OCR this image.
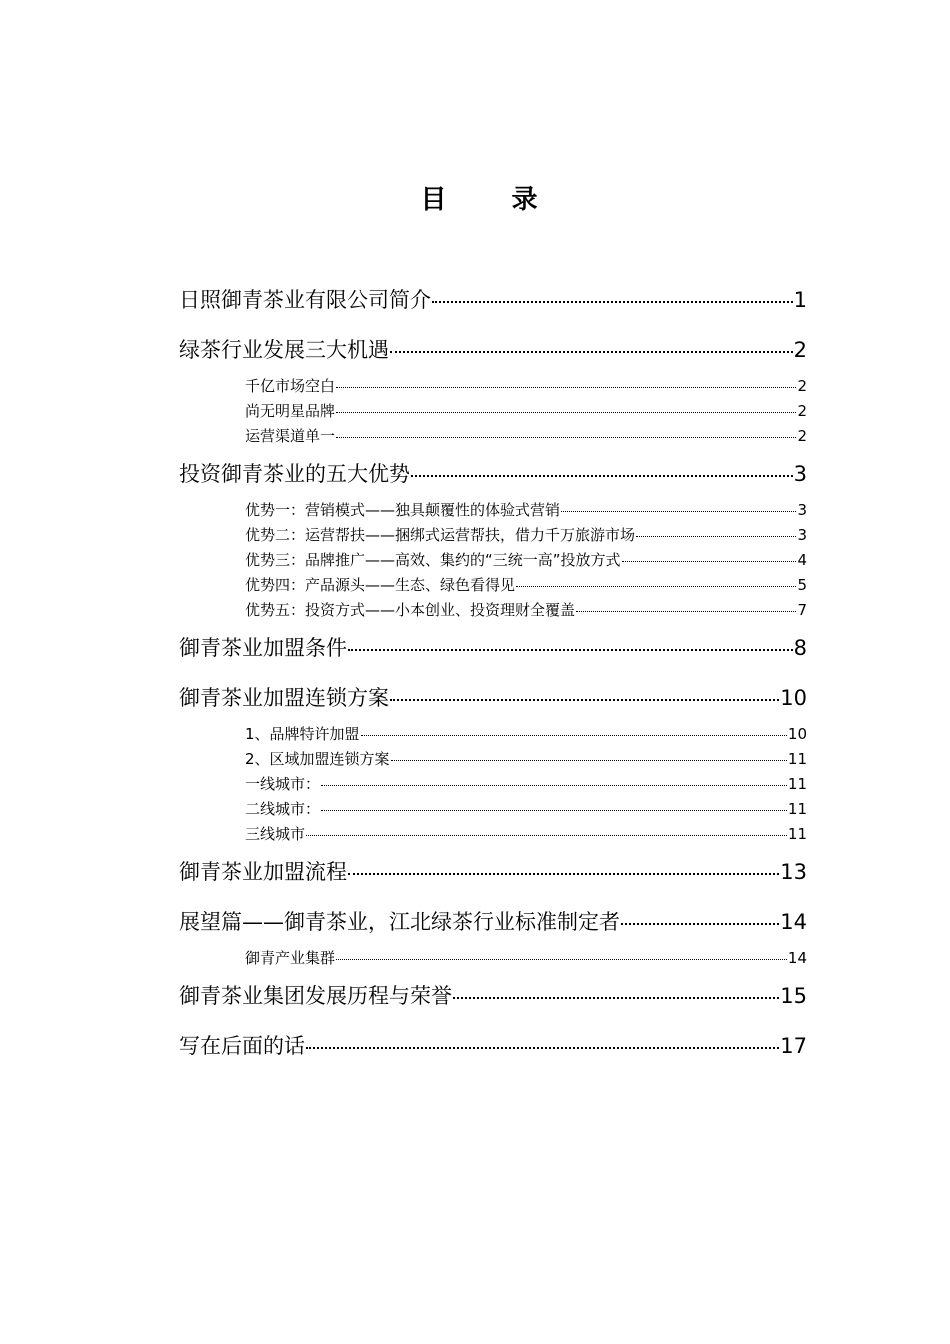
目 录
日照御青茶业有限公司简介	1
绿茶行业发展三大机遇	2
千亿市场空白	2
尚无明星品牌	2
运营渠道单一	2
投资御青茶业的五大优势	3
优势一：营销模式——独具颠覆性的体验式营销	3
优势二：运营帮扶——捆绑式运营帮扶，借力千万旅游市场	3
优势三：品牌推广——高效、集约的“三统一高”投放方式	4
优势四：产品源头——生态、绿色看得见	5
优势五：投资方式——小本创业、投资理财全覆盖	7
御青茶业加盟条件	8
御青茶业加盟连锁方案	10
1、品牌特许加盟	10
2、区域加盟连锁方案	11
一线城市：	11
二线城市：	11
三线城市	11
御青茶业加盟流程	13
展望篇——御青茶业，江北绿茶行业标准制定者	14
御青产业集群	14
御青茶业集团发展历程与荣誉	15
写在后面的话	17
